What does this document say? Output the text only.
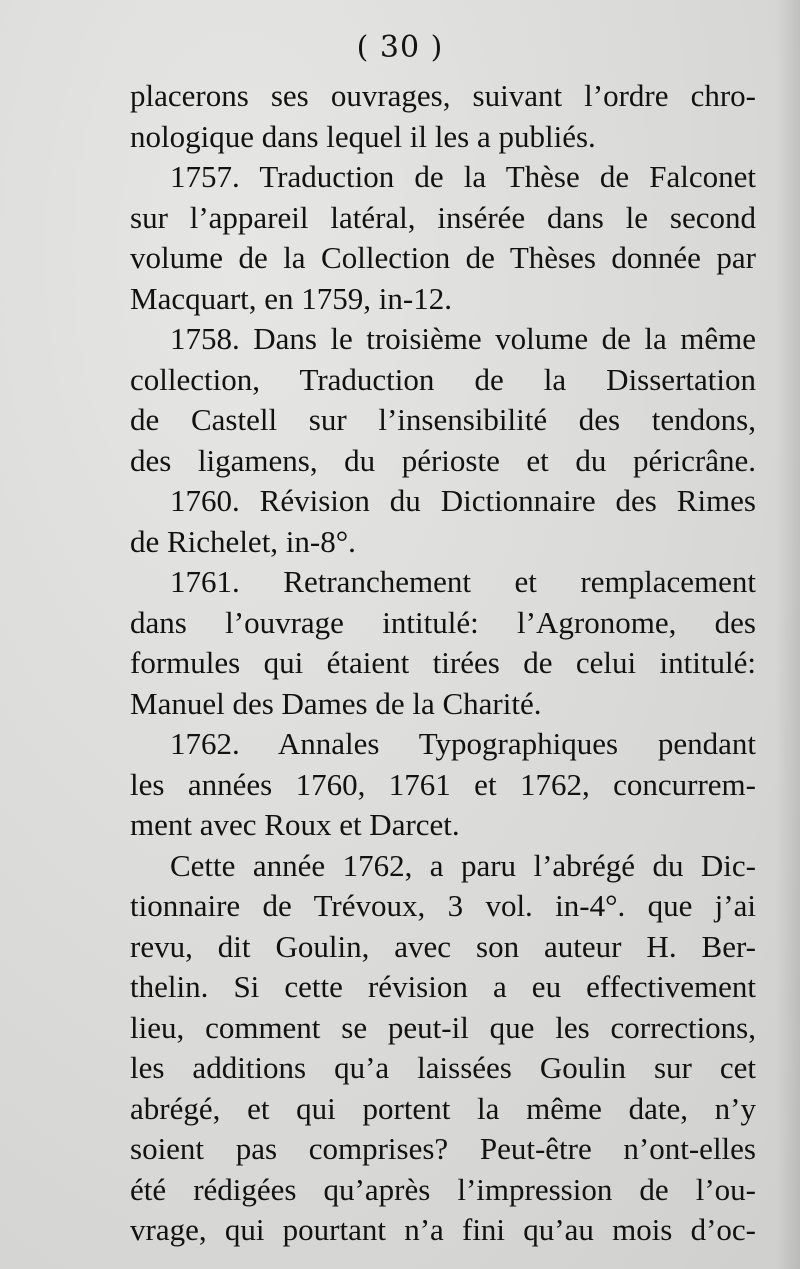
( 30 )
placerons ses ouvrages, suivant l’ordre chro-
nologique dans lequel il les a publiés.
1757. Traduction de la Thèse de Falconet
sur l’appareil latéral, insérée dans le second
volume de la Collection de Thèses donnée par
Macquart, en 1759, in-12.
1758. Dans le troisième volume de la même
collection, Traduction de la Dissertation
de Castell sur l’insensibilité des tendons,
des ligamens, du périoste et du péricrâne.
1760. Révision du Dictionnaire des Rimes
de Richelet, in-8°.
1761. Retranchement et remplacement
dans l’ouvrage intitulé: l’Agronome, des
formules qui étaient tirées de celui intitulé:
Manuel des Dames de la Charité.
1762. Annales Typographiques pendant
les années 1760, 1761 et 1762, concurrem-
ment avec Roux et Darcet.
Cette année 1762, a paru l’abrégé du Dic-
tionnaire de Trévoux, 3 vol. in-4°. que j’ai
revu, dit Goulin, avec son auteur H. Ber-
thelin. Si cette révision a eu effectivement
lieu, comment se peut-il que les corrections,
les additions qu’a laissées Goulin sur cet
abrégé, et qui portent la même date, n’y
soient pas comprises? Peut-être n’ont-elles
été rédigées qu’après l’impression de l’ou-
vrage, qui pourtant n’a fini qu’au mois d’oc-
